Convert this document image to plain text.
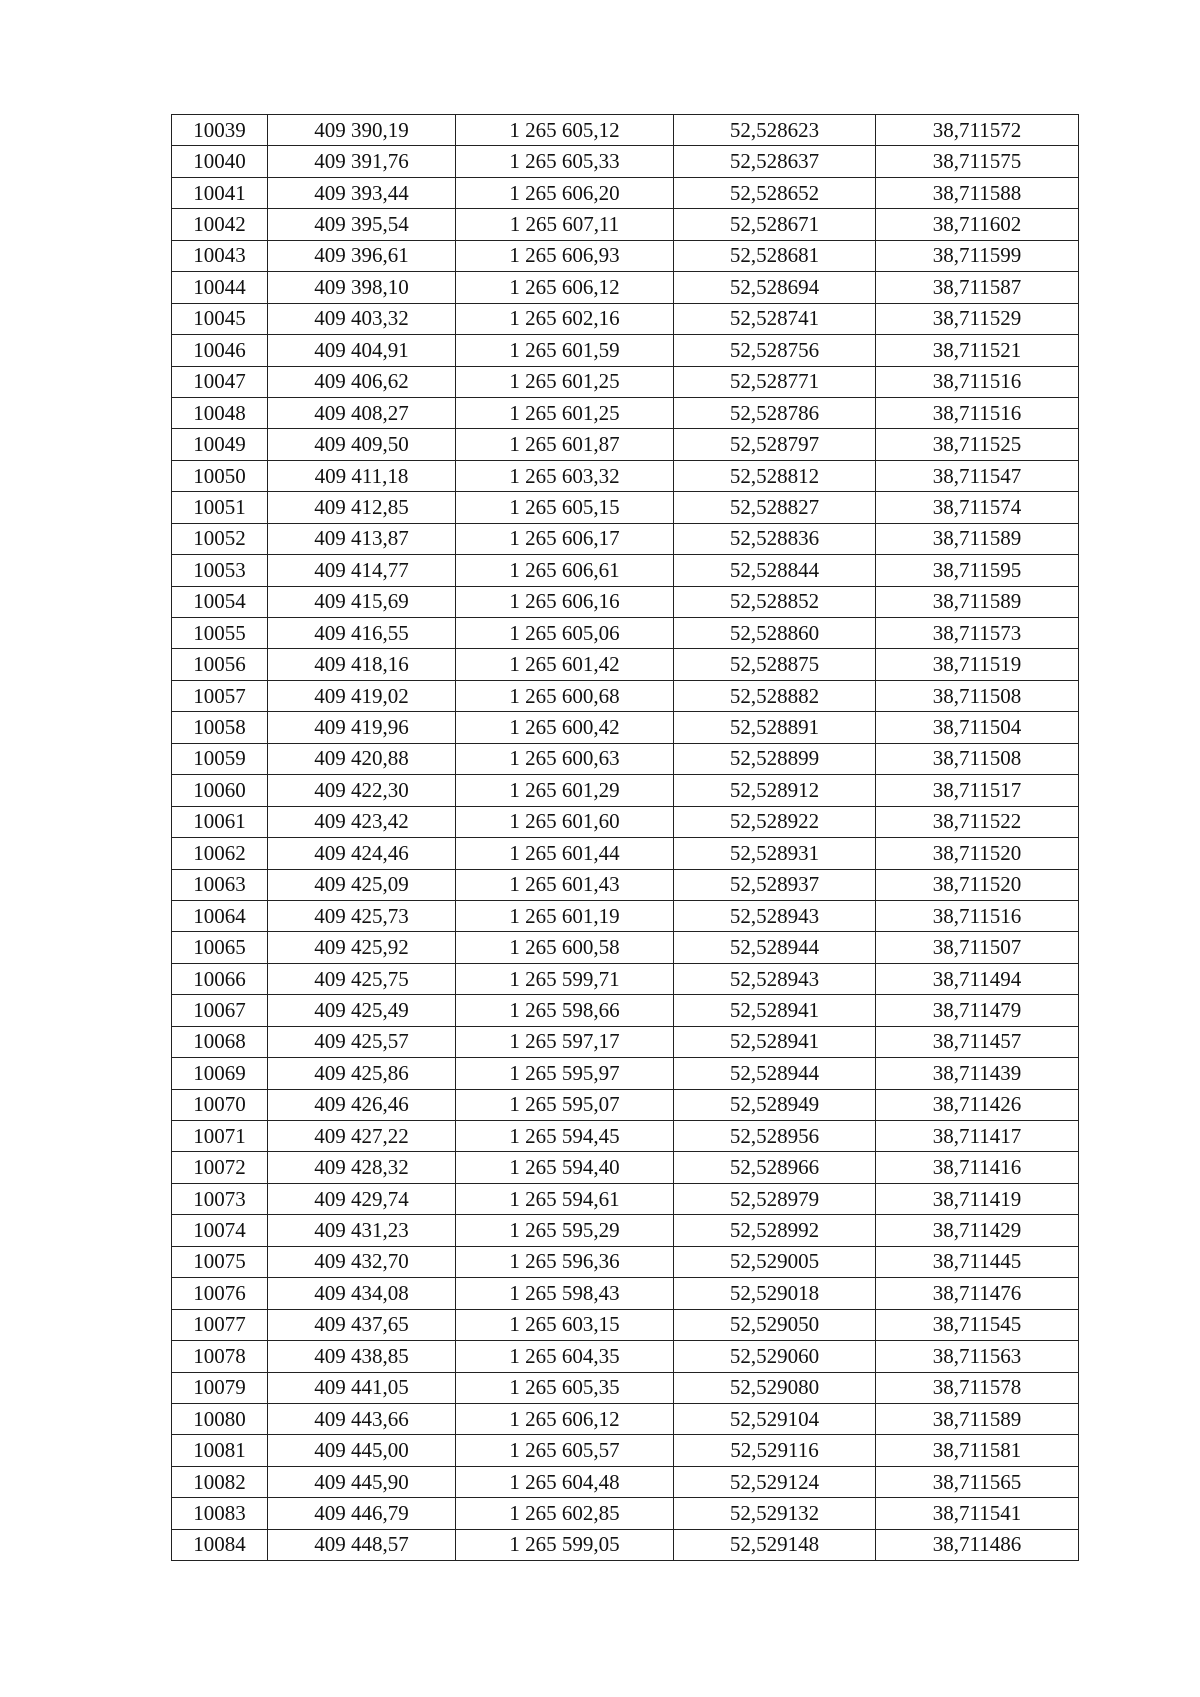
10039	409 390,19	1 265 605,12	52,528623	38,711572
10040	409 391,76	1 265 605,33	52,528637	38,711575
10041	409 393,44	1 265 606,20	52,528652	38,711588
10042	409 395,54	1 265 607,11	52,528671	38,711602
10043	409 396,61	1 265 606,93	52,528681	38,711599
10044	409 398,10	1 265 606,12	52,528694	38,711587
10045	409 403,32	1 265 602,16	52,528741	38,711529
10046	409 404,91	1 265 601,59	52,528756	38,711521
10047	409 406,62	1 265 601,25	52,528771	38,711516
10048	409 408,27	1 265 601,25	52,528786	38,711516
10049	409 409,50	1 265 601,87	52,528797	38,711525
10050	409 411,18	1 265 603,32	52,528812	38,711547
10051	409 412,85	1 265 605,15	52,528827	38,711574
10052	409 413,87	1 265 606,17	52,528836	38,711589
10053	409 414,77	1 265 606,61	52,528844	38,711595
10054	409 415,69	1 265 606,16	52,528852	38,711589
10055	409 416,55	1 265 605,06	52,528860	38,711573
10056	409 418,16	1 265 601,42	52,528875	38,711519
10057	409 419,02	1 265 600,68	52,528882	38,711508
10058	409 419,96	1 265 600,42	52,528891	38,711504
10059	409 420,88	1 265 600,63	52,528899	38,711508
10060	409 422,30	1 265 601,29	52,528912	38,711517
10061	409 423,42	1 265 601,60	52,528922	38,711522
10062	409 424,46	1 265 601,44	52,528931	38,711520
10063	409 425,09	1 265 601,43	52,528937	38,711520
10064	409 425,73	1 265 601,19	52,528943	38,711516
10065	409 425,92	1 265 600,58	52,528944	38,711507
10066	409 425,75	1 265 599,71	52,528943	38,711494
10067	409 425,49	1 265 598,66	52,528941	38,711479
10068	409 425,57	1 265 597,17	52,528941	38,711457
10069	409 425,86	1 265 595,97	52,528944	38,711439
10070	409 426,46	1 265 595,07	52,528949	38,711426
10071	409 427,22	1 265 594,45	52,528956	38,711417
10072	409 428,32	1 265 594,40	52,528966	38,711416
10073	409 429,74	1 265 594,61	52,528979	38,711419
10074	409 431,23	1 265 595,29	52,528992	38,711429
10075	409 432,70	1 265 596,36	52,529005	38,711445
10076	409 434,08	1 265 598,43	52,529018	38,711476
10077	409 437,65	1 265 603,15	52,529050	38,711545
10078	409 438,85	1 265 604,35	52,529060	38,711563
10079	409 441,05	1 265 605,35	52,529080	38,711578
10080	409 443,66	1 265 606,12	52,529104	38,711589
10081	409 445,00	1 265 605,57	52,529116	38,711581
10082	409 445,90	1 265 604,48	52,529124	38,711565
10083	409 446,79	1 265 602,85	52,529132	38,711541
10084	409 448,57	1 265 599,05	52,529148	38,711486
